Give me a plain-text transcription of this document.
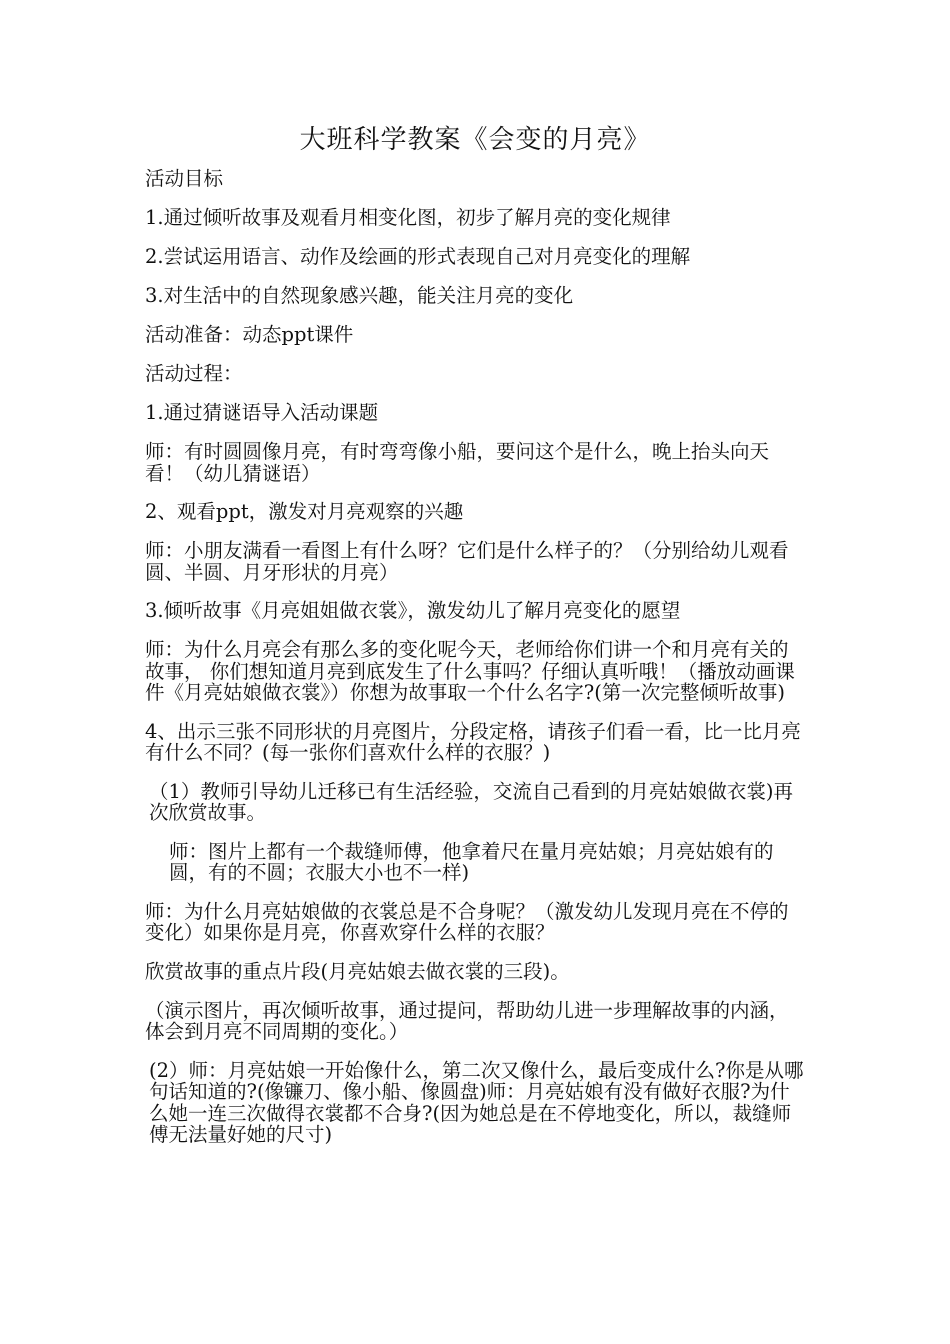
大班科学教案《会变的月亮》
活动目标
1.通过倾听故事及观看月相变化图，初步了解月亮的变化规律
2.尝试运用语言、动作及绘画的形式表现自己对月亮变化的理解
3.对生活中的自然现象感兴趣，能关注月亮的变化
活动准备：动态ppt课件
活动过程：
1.通过猜谜语导入活动课题
师：有时圆圆像月亮，有时弯弯像小船，要问这个是什么，晚上抬头向天看！（幼儿猜谜语）
2、观看ppt，激发对月亮观察的兴趣
师：小朋友满看一看图上有什么呀？它们是什么样子的？（分别给幼儿观看圆、半圆、月牙形状的月亮）
3.倾听故事《月亮姐姐做衣裳》，激发幼儿了解月亮变化的愿望
师：为什么月亮会有那么多的变化呢今天，老师给你们讲一个和月亮有关的故事， 你们想知道月亮到底发生了什么事吗？仔细认真听哦！（播放动画课件《月亮姑娘做衣裳》）你想为故事取一个什么名字?(第一次完整倾听故事)
4、出示三张不同形状的月亮图片，分段定格，请孩子们看一看，比一比月亮有什么不同？(每一张你们喜欢什么样的衣服？)
（1）教师引导幼儿迁移已有生活经验，交流自己看到的月亮姑娘做衣裳)再次欣赏故事。
师：图片上都有一个裁缝师傅，他拿着尺在量月亮姑娘；月亮姑娘有的圆，有的不圆；衣服大小也不一样)
师：为什么月亮姑娘做的衣裳总是不合身呢？（激发幼儿发现月亮在不停的变化）如果你是月亮，你喜欢穿什么样的衣服？
欣赏故事的重点片段(月亮姑娘去做衣裳的三段)。
（演示图片，再次倾听故事，通过提问，帮助幼儿进一步理解故事的内涵，体会到月亮不同周期的变化。）
(2）师：月亮姑娘一开始像什么，第二次又像什么，最后变成什么?你是从哪句话知道的?(像镰刀、像小船、像圆盘)师：月亮姑娘有没有做好衣服?为什么她一连三次做得衣裳都不合身?(因为她总是在不停地变化，所以，裁缝师傅无法量好她的尺寸)
